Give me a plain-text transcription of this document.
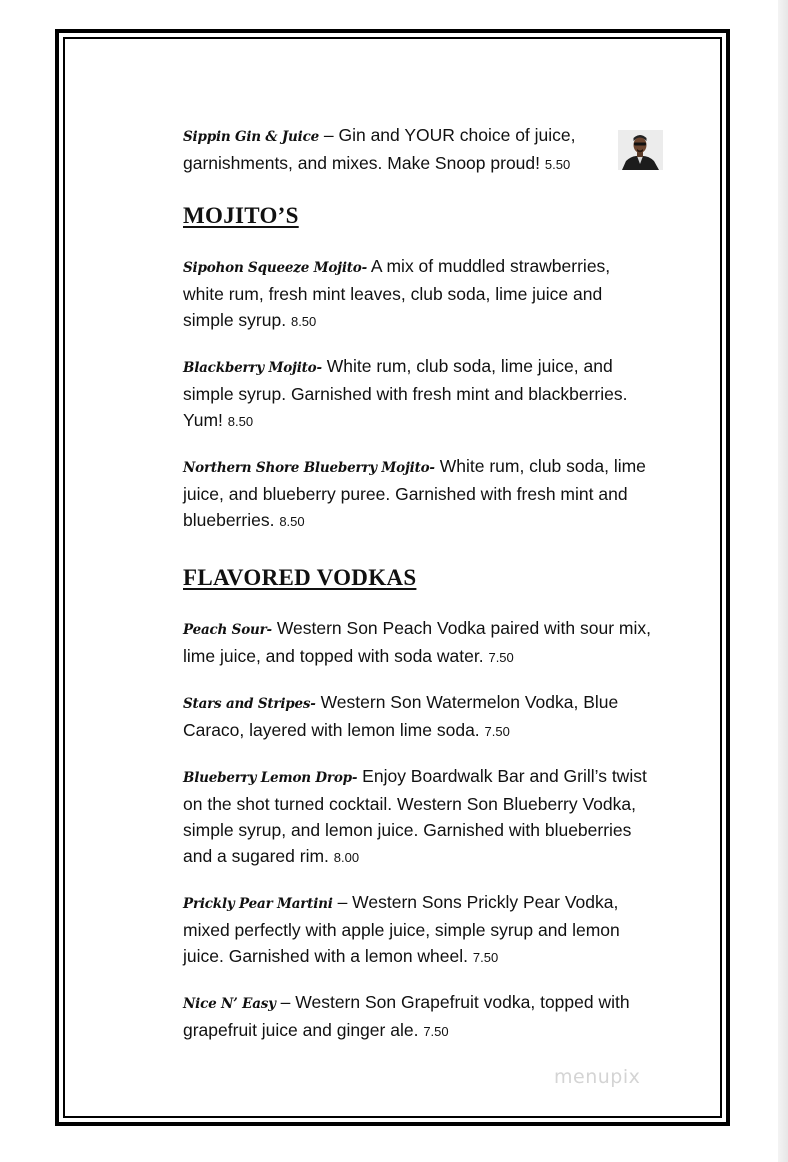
Sippin Gin & Juice – Gin and YOUR choice of juice, garnishments, and mixes. Make Snoop proud! 5.50

MOJITO’S

Sipohon Squeeze Mojito- A mix of muddled strawberries, white rum, fresh mint leaves, club soda, lime juice and simple syrup. 8.50

Blackberry Mojito- White rum, club soda, lime juice, and simple syrup. Garnished with fresh mint and blackberries. Yum! 8.50

Northern Shore Blueberry Mojito- White rum, club soda, lime juice, and blueberry puree. Garnished with fresh mint and blueberries. 8.50

FLAVORED VODKAS

Peach Sour- Western Son Peach Vodka paired with sour mix, lime juice, and topped with soda water. 7.50

Stars and Stripes- Western Son Watermelon Vodka, Blue Caraco, layered with lemon lime soda. 7.50

Blueberry Lemon Drop- Enjoy Boardwalk Bar and Grill’s twist on the shot turned cocktail. Western Son Blueberry Vodka, simple syrup, and lemon juice. Garnished with blueberries and a sugared rim. 8.00

Prickly Pear Martini – Western Sons Prickly Pear Vodka, mixed perfectly with apple juice, simple syrup and lemon juice. Garnished with a lemon wheel. 7.50

Nice N’ Easy – Western Son Grapefruit vodka, topped with grapefruit juice and ginger ale. 7.50

menupix
